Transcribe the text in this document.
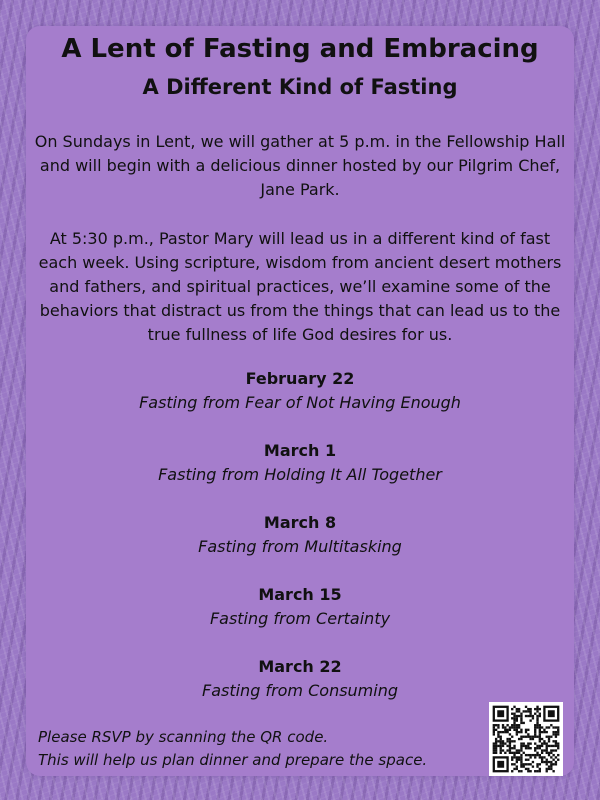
A Lent of Fasting and Embracing
A Different Kind of Fasting

On Sundays in Lent, we will gather at 5 p.m. in the Fellowship Hall and will begin with a delicious dinner hosted by our Pilgrim Chef, Jane Park.

At 5:30 p.m., Pastor Mary will lead us in a different kind of fast each week. Using scripture, wisdom from ancient desert mothers and fathers, and spiritual practices, we’ll examine some of the behaviors that distract us from the things that can lead us to the true fullness of life God desires for us.

February 22
Fasting from Fear of Not Having Enough
March 1
Fasting from Holding It All Together
March 8
Fasting from Multitasking
March 15
Fasting from Certainty
March 22
Fasting from Consuming
Please RSVP by scanning the QR code.
This will help us plan dinner and prepare the space.
